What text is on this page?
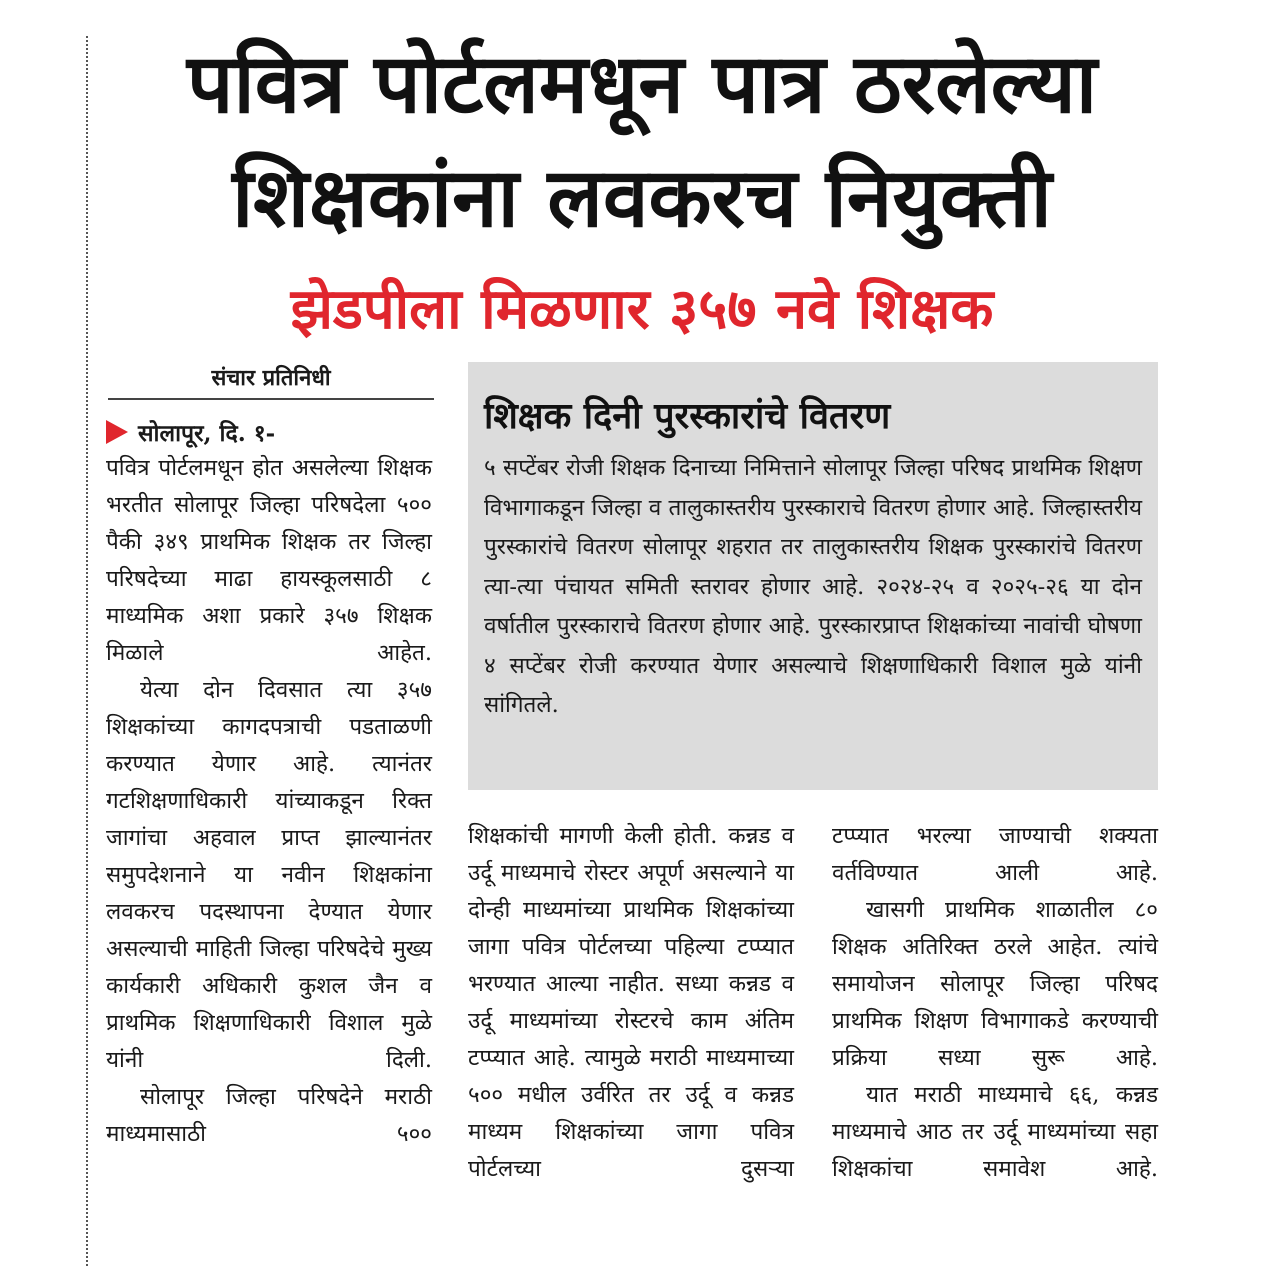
पवित्र पोर्टलमधून पात्र ठरलेल्या
शिक्षकांना लवकरच नियुक्ती
झेडपीला मिळणार ३५७ नवे शिक्षक
संचार प्रतिनिधी
सोलापूर, दि. १-

पवित्र पोर्टलमधून होत असलेल्या शिक्षक भरतीत सोलापूर जिल्हा परिषदेला ५०० पैकी ३४९ प्राथमिक शिक्षक तर जिल्हा परिषदेच्या माढा हायस्कूलसाठी ८ माध्यमिक अशा प्रकारे ३५७ शिक्षक मिळाले आहेत.

येत्या दोन दिवसात त्या ३५७ शिक्षकांच्या कागदपत्राची पडताळणी करण्यात येणार आहे. त्यानंतर गटशिक्षणाधिकारी यांच्याकडून रिक्त जागांचा अहवाल प्राप्त झाल्यानंतर समुपदेशनाने या नवीन शिक्षकांना लवकरच पदस्थापना देण्यात येणार असल्याची माहिती जिल्हा परिषदेचे मुख्य कार्यकारी अधिकारी कुशल जैन व प्राथमिक शिक्षणाधिकारी विशाल मुळे यांनी दिली.

सोलापूर जिल्हा परिषदेने मराठी माध्यमासाठी ५००

शिक्षक दिनी पुरस्कारांचे वितरण

५ सप्टेंबर रोजी शिक्षक दिनाच्या निमित्ताने सोलापूर जिल्हा परिषद प्राथमिक शिक्षण विभागाकडून जिल्हा व तालुकास्तरीय पुरस्काराचे वितरण होणार आहे. जिल्हास्तरीय पुरस्कारांचे वितरण सोलापूर शहरात तर तालुकास्तरीय शिक्षक पुरस्कारांचे वितरण त्या-त्या पंचायत समिती स्तरावर होणार आहे. २०२४-२५ व २०२५-२६ या दोन वर्षातील पुरस्काराचे वितरण होणार आहे. पुरस्कारप्राप्त शिक्षकांच्या नावांची घोषणा ४ सप्टेंबर रोजी करण्यात येणार असल्याचे शिक्षणाधिकारी विशाल मुळे यांनी सांगितले.

शिक्षकांची मागणी केली होती. कन्नड व उर्दू माध्यमाचे रोस्टर अपूर्ण असल्याने या दोन्ही माध्यमांच्या प्राथमिक शिक्षकांच्या जागा पवित्र पोर्टलच्या पहिल्या टप्प्यात भरण्यात आल्या नाहीत. सध्या कन्नड व उर्दू माध्यमांच्या रोस्टरचे काम अंतिम टप्प्यात आहे. त्यामुळे मराठी माध्यमाच्या ५०० मधील उर्वरित तर उर्दू व कन्नड माध्यम शिक्षकांच्या जागा पवित्र पोर्टलच्या दुसऱ्या

टप्प्यात भरल्या जाण्याची शक्यता वर्तविण्यात आली आहे.

खासगी प्राथमिक शाळातील ८० शिक्षक अतिरिक्त ठरले आहेत. त्यांचे समायोजन सोलापूर जिल्हा परिषद प्राथमिक शिक्षण विभागाकडे करण्याची प्रक्रिया सध्या सुरू आहे.

यात मराठी माध्यमाचे ६६, कन्नड माध्यमाचे आठ तर उर्दू माध्यमांच्या सहा शिक्षकांचा समावेश आहे.
